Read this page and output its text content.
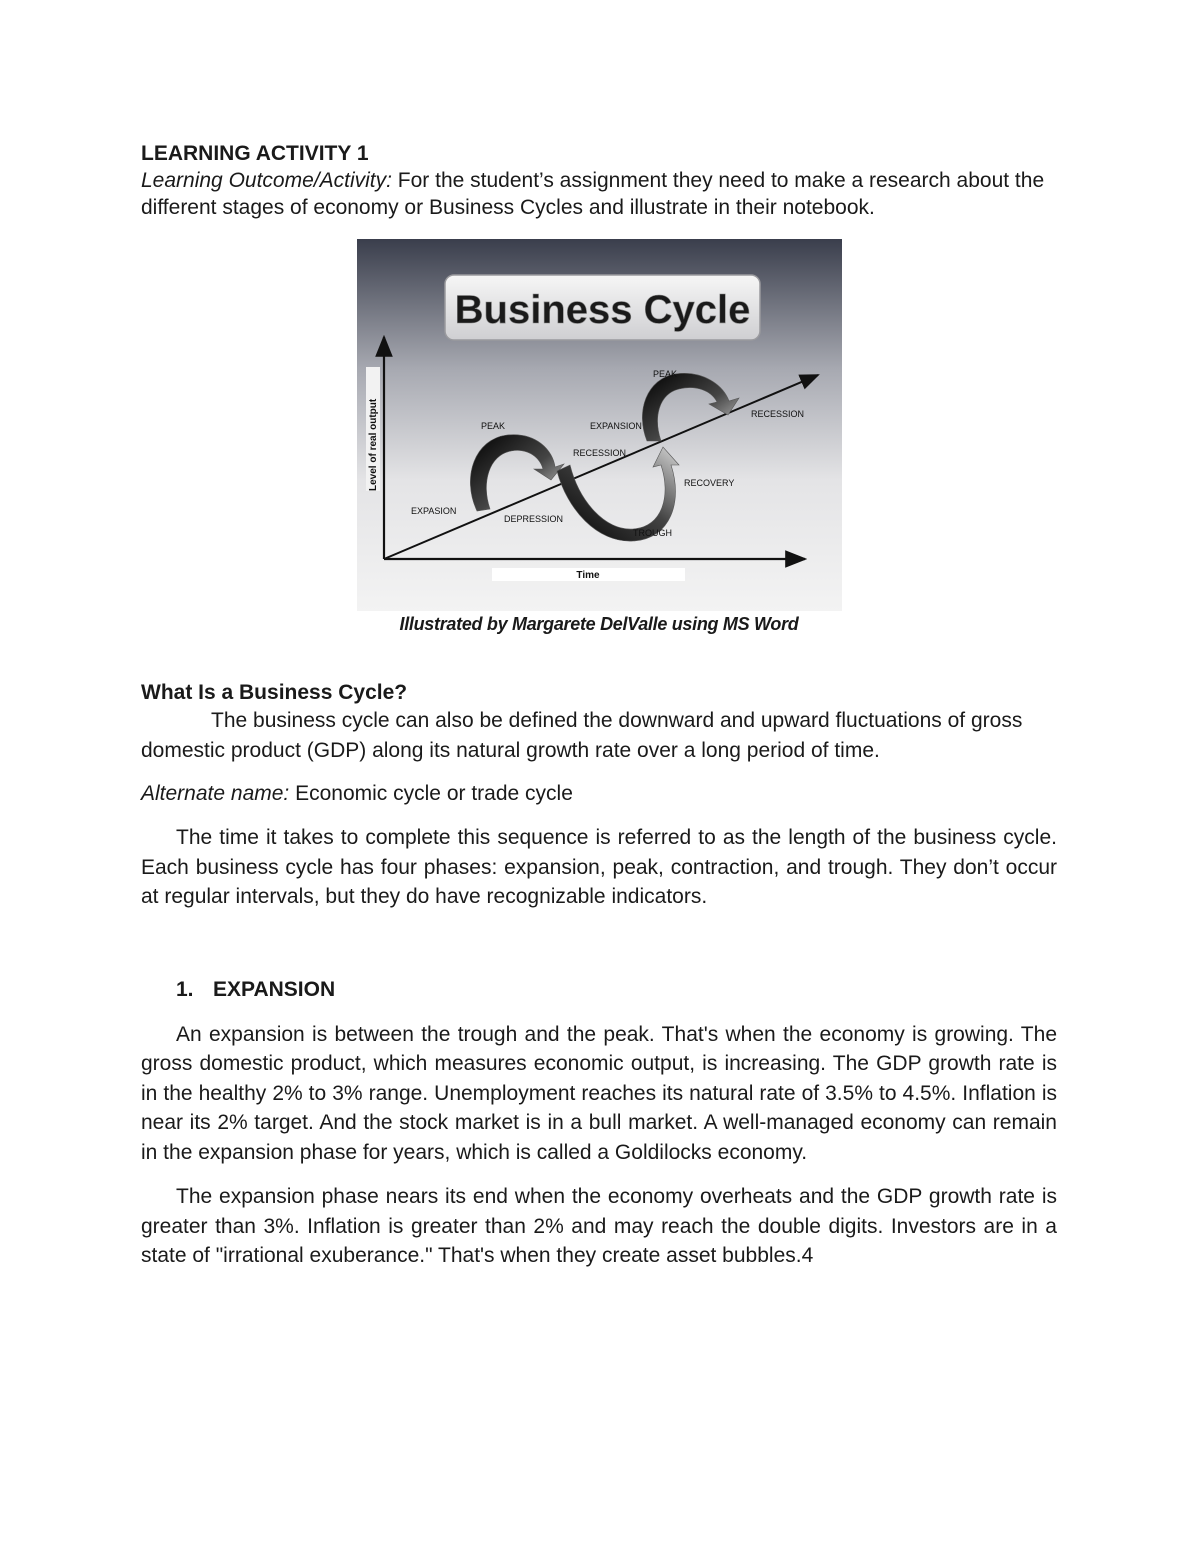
LEARNING ACTIVITY 1

Learning Outcome/Activity: For the student’s assignment they need to make a research about the different stages of economy or Business Cycles and illustrate in their notebook.

Business Cycle
Level of real output
Time
EXPASION
PEAK
DEPRESSION
RECESSION
EXPANSION
PEAK
RECESSION
RECOVERY
TROUGH

Illustrated by Margarete DelValle using MS Word

What Is a Business Cycle?

The business cycle can also be defined the downward and upward fluctuations of gross domestic product (GDP) along its natural growth rate over a long period of time.

Alternate name: Economic cycle or trade cycle

The time it takes to complete this sequence is referred to as the length of the business cycle. Each business cycle has four phases: expansion, peak, contraction, and trough. They don’t occur at regular intervals, but they do have recognizable indicators.

1. EXPANSION

An expansion is between the trough and the peak. That's when the economy is growing. The gross domestic product, which measures economic output, is increasing. The GDP growth rate is in the healthy 2% to 3% range. Unemployment reaches its natural rate of 3.5% to 4.5%. Inflation is near its 2% target. And the stock market is in a bull market. A well-managed economy can remain in the expansion phase for years, which is called a Goldilocks economy.

The expansion phase nears its end when the economy overheats and the GDP growth rate is greater than 3%. Inflation is greater than 2% and may reach the double digits. Investors are in a state of "irrational exuberance." That's when they create asset bubbles.4
